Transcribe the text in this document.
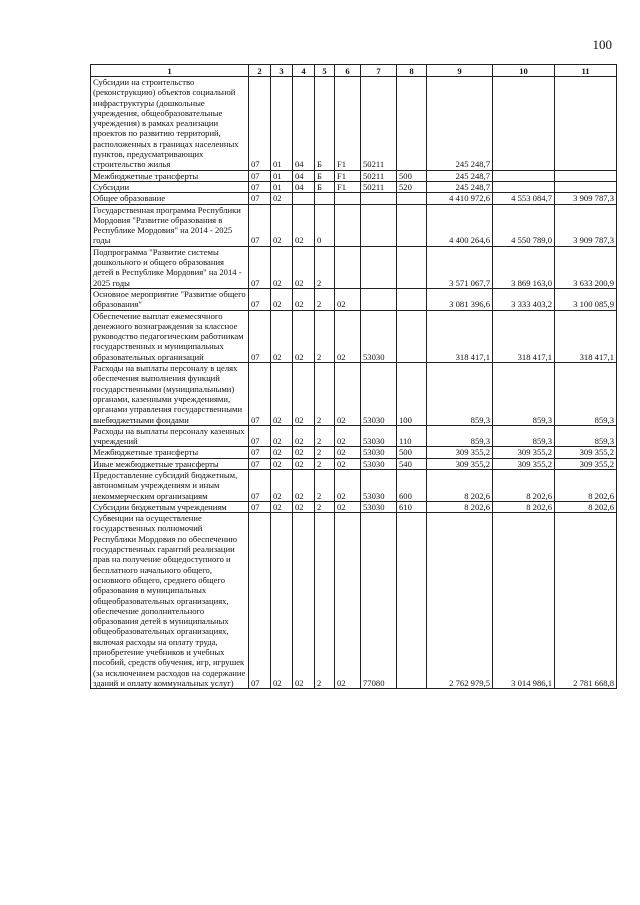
100
1	2	3	4	5	6	7	8	9	10	11
Субсидии на строительство (реконструкцию) объектов социальной инфраструктуры (дошкольные учреждения, общеобразовательные учреждения) в рамках реализации проектов по развитию территорий, расположенных в границах населенных пунктов, предусматривающих строительство жилья	07	01	04	Б	F1	50211		245 248,7		
Межбюджетные трансферты	07	01	04	Б	F1	50211	500	245 248,7		
Субсидии	07	01	04	Б	F1	50211	520	245 248,7		
Общее образование	07	02						4 410 972,6	4 553 084,7	3 909 787,3
Государственная программа Республики Мордовия "Развитие образования в Республике Мордовия" на 2014 - 2025 годы	07	02	02	0				4 400 264,6	4 550 789,0	3 909 787,3
Подпрограмма "Развитие системы дошкольного и общего образования детей в Республике Мордовия" на 2014 - 2025 годы	07	02	02	2				3 571 067,7	3 869 163,0	3 633 200,9
Основное мероприятие "Развитие общего образования"	07	02	02	2	02			3 081 396,6	3 333 403,2	3 100 085,9
Обеспечение выплат ежемесячного денежного вознаграждения за классное руководство педагогическим работникам государственных и муниципальных образовательных организаций	07	02	02	2	02	53030		318 417,1	318 417,1	318 417,1
Расходы на выплаты персоналу в целях обеспечения выполнения функций государственными (муниципальными) органами, казенными учреждениями, органами управления государственными внебюджетными фондами	07	02	02	2	02	53030	100	859,3	859,3	859,3
Расходы на выплаты персоналу казенных учреждений	07	02	02	2	02	53030	110	859,3	859,3	859,3
Межбюджетные трансферты	07	02	02	2	02	53030	500	309 355,2	309 355,2	309 355,2
Иные межбюджетные трансферты	07	02	02	2	02	53030	540	309 355,2	309 355,2	309 355,2
Предоставление субсидий бюджетным, автономным учреждениям и иным некоммерческим организациям	07	02	02	2	02	53030	600	8 202,6	8 202,6	8 202,6
Субсидии бюджетным учреждениям	07	02	02	2	02	53030	610	8 202,6	8 202,6	8 202,6
Субвенции на осуществление государственных полномочий Республики Мордовия по обеспечению государственных гарантий реализации прав на получение общедоступного и бесплатного начального общего, основного общего, среднего общего образования в муниципальных общеобразовательных организациях, обеспечение дополнительного образования детей в муниципальных общеобразовательных организациях, включая расходы на оплату труда, приобретение учебников и учебных пособий, средств обучения, игр, игрушек (за исключением расходов на содержание зданий и оплату коммунальных услуг)	07	02	02	2	02	77080		2 762 979,5	3 014 986,1	2 781 668,8
